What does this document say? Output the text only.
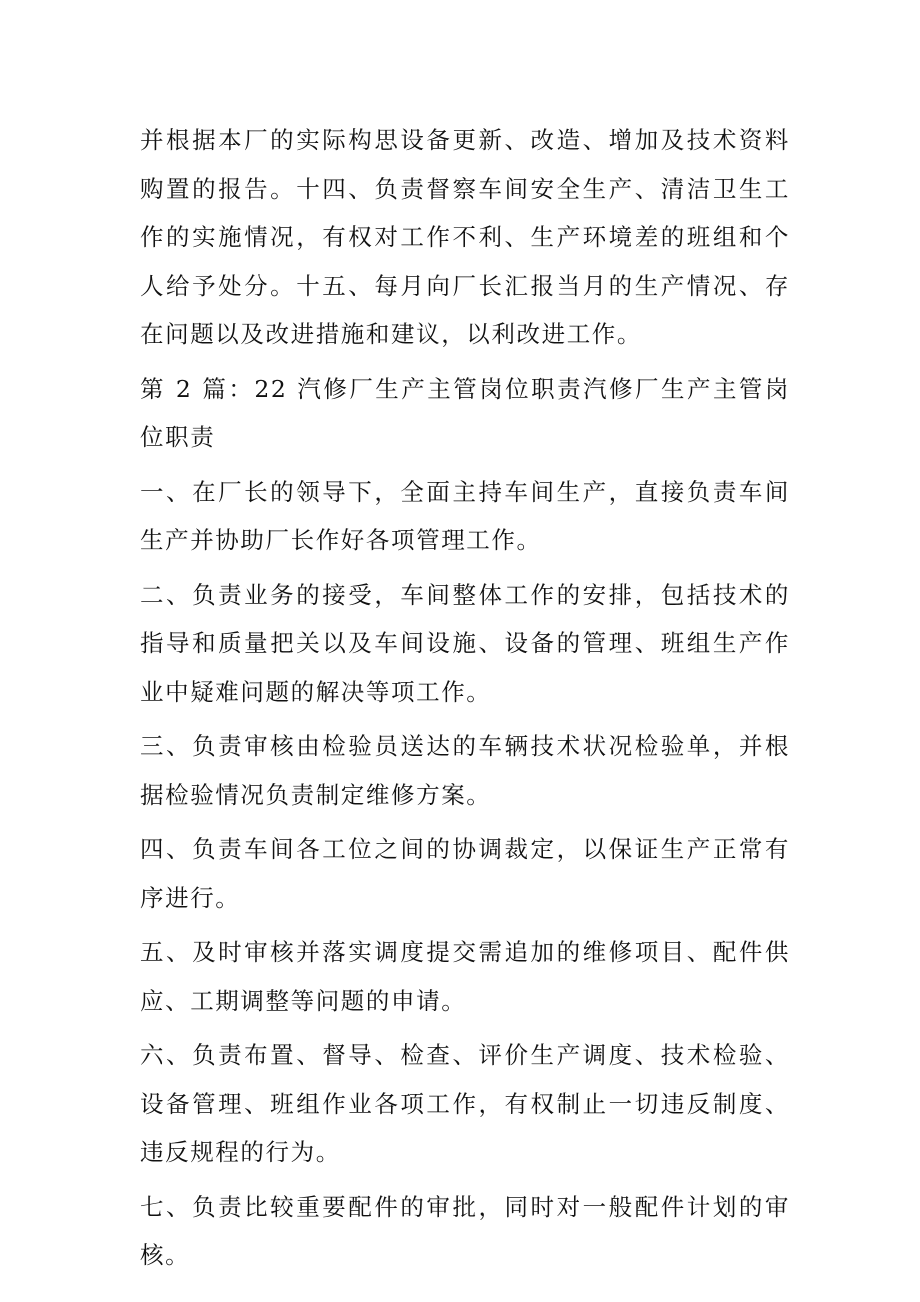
并根据本厂的实际构思设备更新、改造、增加及技术资料购置的报告。十四、负责督察车间安全生产、清洁卫生工作的实施情况，有权对工作不利、生产环境差的班组和个人给予处分。十五、每月向厂长汇报当月的生产情况、存在问题以及改进措施和建议，以利改进工作。

第 2 篇：22 汽修厂生产主管岗位职责汽修厂生产主管岗位职责

一、在厂长的领导下，全面主持车间生产，直接负责车间生产并协助厂长作好各项管理工作。

二、负责业务的接受，车间整体工作的安排，包括技术的指导和质量把关以及车间设施、设备的管理、班组生产作业中疑难问题的解决等项工作。

三、负责审核由检验员送达的车辆技术状况检验单，并根据检验情况负责制定维修方案。

四、负责车间各工位之间的协调裁定，以保证生产正常有序进行。

五、及时审核并落实调度提交需追加的维修项目、配件供应、工期调整等问题的申请。

六、负责布置、督导、检查、评价生产调度、技术检验、设备管理、班组作业各项工作，有权制止一切违反制度、违反规程的行为。

七、负责比较重要配件的审批，同时对一般配件计划的审核。
